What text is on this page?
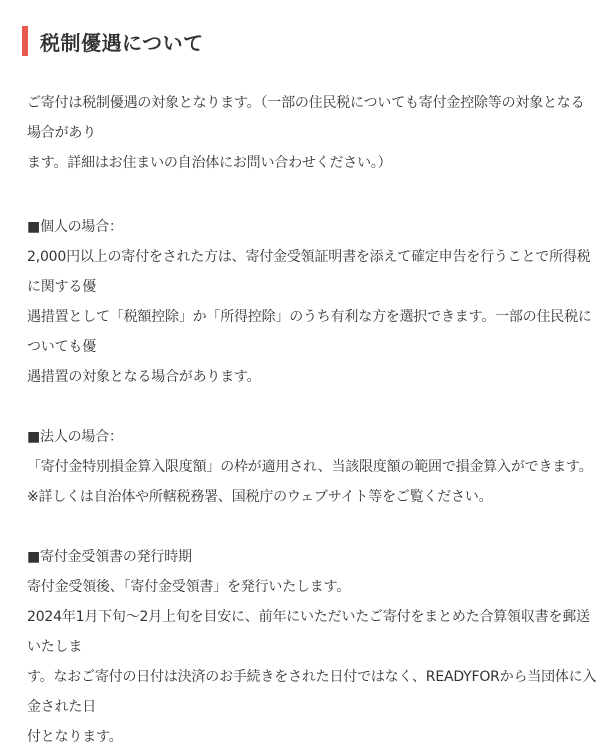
税制優遇について

ご寄付は税制優遇の対象となります。（一部の住民税についても寄付金控除等の対象となる場合があり

ます。詳細はお住まいの自治体にお問い合わせください。）

■個人の場合：

2,000円以上の寄付をされた方は、寄付金受領証明書を添えて確定申告を行うことで所得税に関する優

遇措置として「税額控除」か「所得控除」のうち有利な方を選択できます。一部の住民税についても優

遇措置の対象となる場合があります。

■法人の場合：

「寄付金特別損金算入限度額」の枠が適用され、当該限度額の範囲で損金算入ができます。

※詳しくは自治体や所轄税務署、国税庁のウェブサイト等をご覧ください。

■寄付金受領書の発行時期

寄付金受領後、「寄付金受領書」を発行いたします。

2024年1月下旬～2月上旬を目安に、前年にいただいたご寄付をまとめた合算領収書を郵送いたしま

す。なおご寄付の日付は決済のお手続きをされた日付ではなく、READYFORから当団体に入金された日

付となります。
